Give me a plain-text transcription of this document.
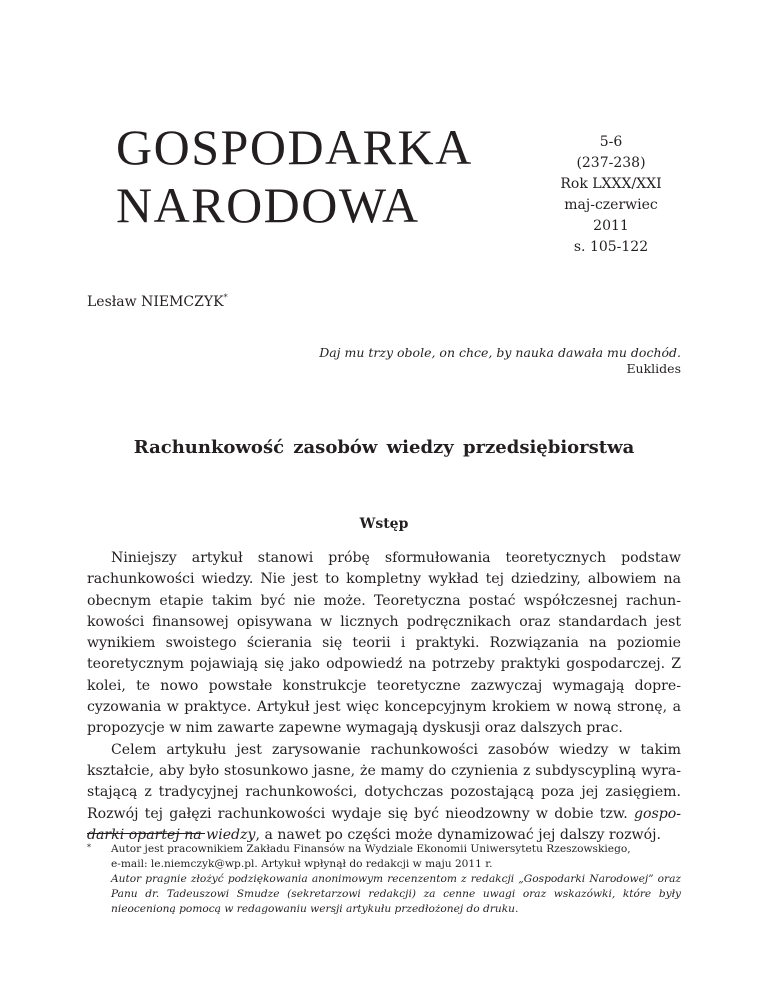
GOSPODARKA
NARODOWA
5-6
(237-238)
Rok LXXX/XXI
maj-czerwiec
2011
s. 105-122
Lesław NIEMCZYK*
Daj mu trzy obole, on chce, by nauka dawała mu dochód.
Euklides
Rachunkowość zasobów wiedzy przedsiębiorstwa
Wstęp

Niniejszy artykuł stanowi próbę sformułowania teoretycznych podstaw rachunkowości wiedzy. Nie jest to kompletny wykład tej dziedziny, albowiem na obecnym etapie takim być nie może. Teoretyczna postać współczesnej rachunkowości finansowej opisywana w licznych podręcznikach oraz standardach jest wynikiem swoistego ścierania się teorii i praktyki. Rozwiązania na poziomie teoretycznym pojawiają się jako odpowiedź na potrzeby praktyki gospodarczej. Z kolei, te nowo powstałe konstrukcje teoretyczne zazwyczaj wymagają doprecyzowania w praktyce. Artykuł jest więc koncepcyjnym krokiem w nową stronę, a propozycje w nim zawarte zapewne wymagają dyskusji oraz dalszych prac.

Celem artykułu jest zarysowanie rachunkowości zasobów wiedzy w takim kształcie, aby było stosunkowo jasne, że mamy do czynienia z subdyscypliną wyrastającą z tradycyjnej rachunkowości, dotychczas pozostającą poza jej zasięgiem. Rozwój tej gałęzi rachunkowości wydaje się być nieodzowny w dobie tzw. gospodarki opartej na wiedzy, a nawet po części może dynamizować jej dalszy rozwój.

* Autor jest pracownikiem Zakładu Finansów na Wydziale Ekonomii Uniwersytetu Rzeszowskiego,
e-mail: le.niemczyk@wp.pl. Artykuł wpłynął do redakcji w maju 2011 r.
Autor pragnie złożyć podziękowania anonimowym recenzentom z redakcji „Gospodarki Narodowej” oraz Panu dr. Tadeuszowi Smudze (sekretarzowi redakcji) za cenne uwagi oraz wskazówki, które były nieocenioną pomocą w redagowaniu wersji artykułu przedłożonej do druku.
